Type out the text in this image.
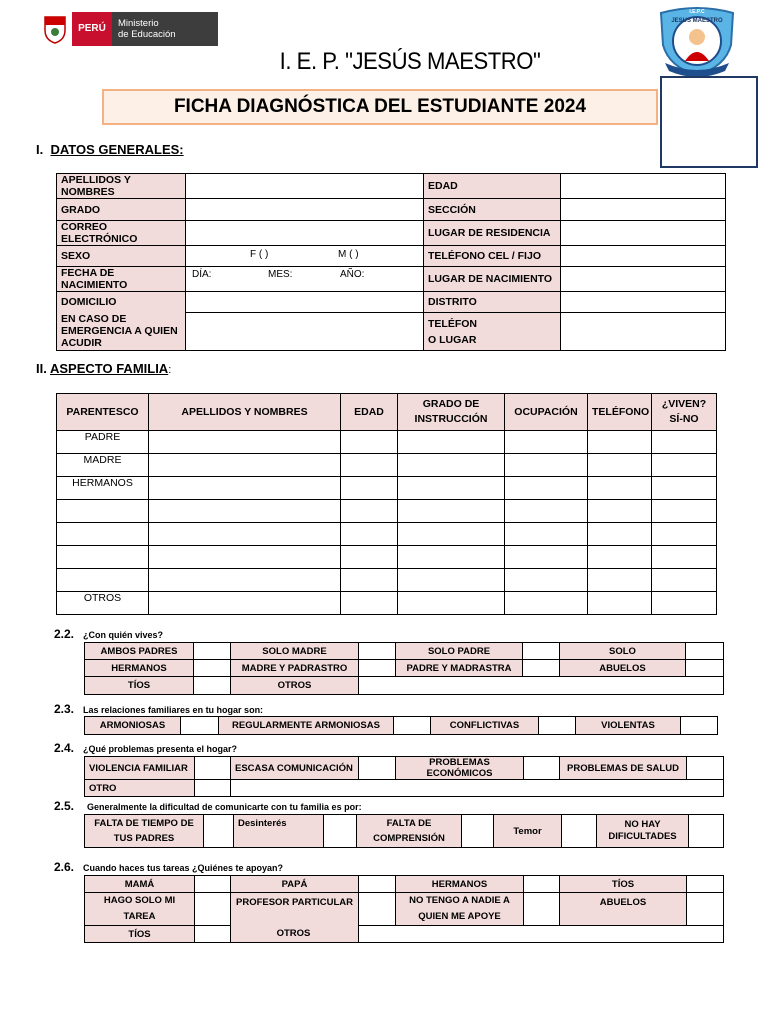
PERÚ	Ministerio
de Educación
I. E. P. "JESÚS MAESTRO"
I.E.P.C
JESUS MAESTRO
FICHA DIAGNÓSTICA DEL ESTUDIANTE 2024
I. DATOS GENERALES:
APELLIDOS Y NOMBRES		EDAD	
GRADO		SECCIÓN	
CORREO ELECTRÓNICO		LUGAR DE RESIDENCIA	
SEXO	F ( ) M ( )	TELÉFONO CEL / FIJO	
FECHA DE NACIMIENTO	DÍA: MES: AÑO:	LUGAR DE NACIMIENTO	
DOMICILIO		DISTRITO	
EN CASO DE EMERGENCIA A QUIEN ACUDIR		TELÉFON
O LUGAR	

II. ASPECTO FAMILIA:
PARENTESCO	APELLIDOS Y NOMBRES	EDAD	GRADO DE INSTRUCCIÓN	OCUPACIÓN	TELÉFONO	¿VIVEN? SÍ-NO
PADRE						
MADRE						
HERMANOS						

OTROS						
2.2. ¿Con quién vives?
AMBOS PADRES		SOLO MADRE		SOLO PADRE		SOLO	
HERMANOS		MADRE Y PADRASTRO		PADRE Y MADRASTRA		ABUELOS	
TÍOS		OTROS					
2.3. Las relaciones familiares en tu hogar son:
ARMONIOSAS		REGULARMENTE ARMONIOSAS		CONFLICTIVAS		VIOLENTAS	
2.4. ¿Qué problemas presenta el hogar?
VIOLENCIA FAMILIAR		ESCASA COMUNICACIÓN		PROBLEMAS ECONÓMICOS		PROBLEMAS DE SALUD	
OTRO							
2.5. Generalmente la dificultad de comunicarte con tu familia es por:
FALTA DE TIEMPO DE TUS PADRES		Desinterés		FALTA DE COMPRENSIÓN		Temor		NO HAY DIFICULTADES	
2.6. Cuando haces tus tareas ¿Quiénes te apoyan?
MAMÁ		PAPÁ		HERMANOS		TÍOS	
HAGO SOLO MI TAREA		PROFESOR PARTICULAR		NO TENGO A NADIE A QUIEN ME APOYE		ABUELOS	
TÍOS								OTROS
